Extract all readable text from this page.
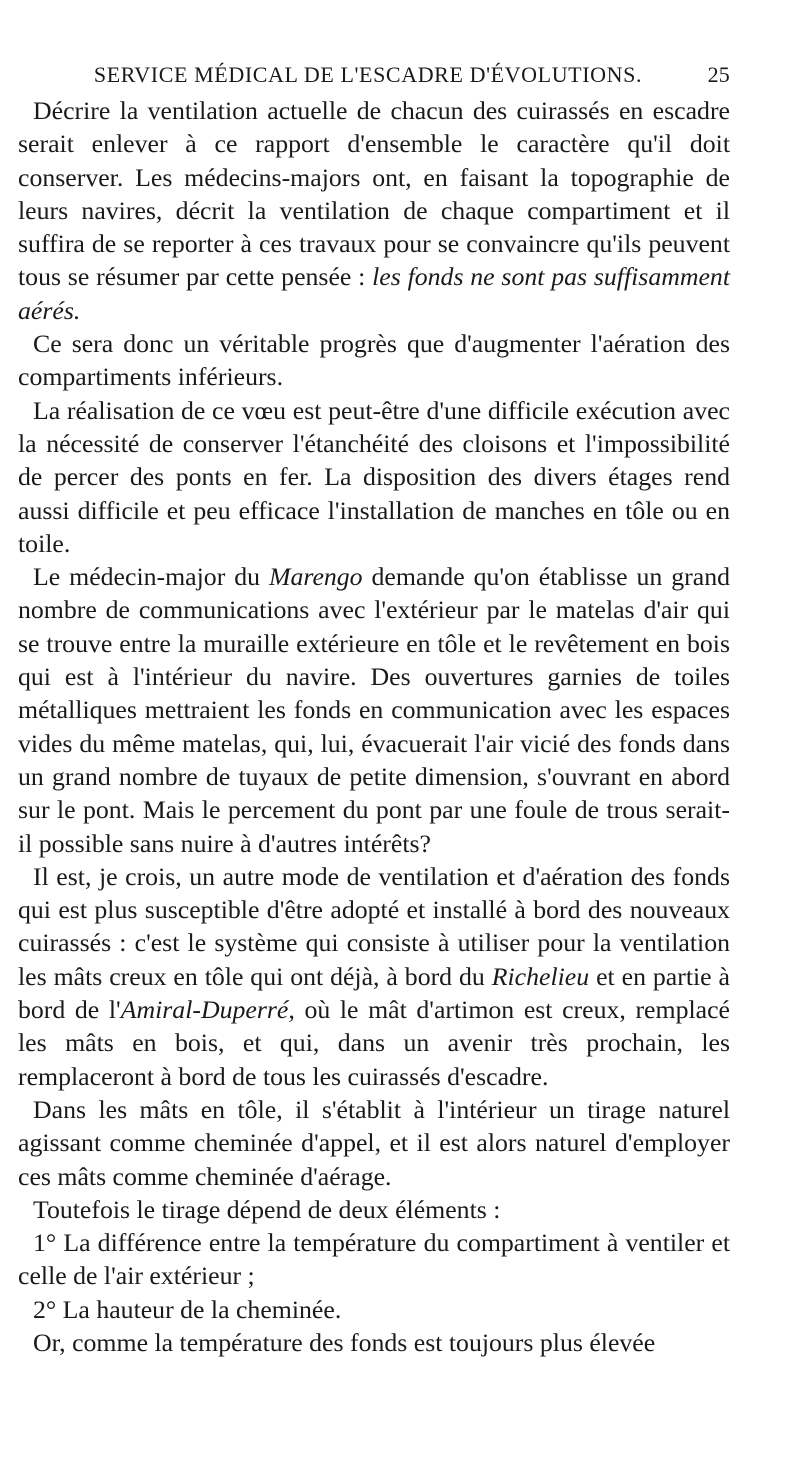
SERVICE MÉDICAL DE L'ESCADRE D'ÉVOLUTIONS.	25

Décrire la ventilation actuelle de chacun des cuirassés en escadre serait enlever à ce rapport d'ensemble le caractère qu'il doit conserver. Les médecins-majors ont, en faisant la topographie de leurs navires, décrit la ventilation de chaque compartiment et il suffira de se reporter à ces travaux pour se convaincre qu'ils peuvent tous se résumer par cette pensée : les fonds ne sont pas suffisamment aérés.

Ce sera donc un véritable progrès que d'augmenter l'aération des compartiments inférieurs.

La réalisation de ce vœu est peut-être d'une difficile exécution avec la nécessité de conserver l'étanchéité des cloisons et l'impossibilité de percer des ponts en fer. La disposition des divers étages rend aussi difficile et peu efficace l'installation de manches en tôle ou en toile.

Le médecin-major du Marengo demande qu'on établisse un grand nombre de communications avec l'extérieur par le matelas d'air qui se trouve entre la muraille extérieure en tôle et le revêtement en bois qui est à l'intérieur du navire. Des ouvertures garnies de toiles métalliques mettraient les fonds en communication avec les espaces vides du même matelas, qui, lui, évacuerait l'air vicié des fonds dans un grand nombre de tuyaux de petite dimension, s'ouvrant en abord sur le pont. Mais le percement du pont par une foule de trous serait-il possible sans nuire à d'autres intérêts?

Il est, je crois, un autre mode de ventilation et d'aération des fonds qui est plus susceptible d'être adopté et installé à bord des nouveaux cuirassés : c'est le système qui consiste à utiliser pour la ventilation les mâts creux en tôle qui ont déjà, à bord du Richelieu et en partie à bord de l'Amiral-Duperré, où le mât d'artimon est creux, remplacé les mâts en bois, et qui, dans un avenir très prochain, les remplaceront à bord de tous les cuirassés d'escadre.

Dans les mâts en tôle, il s'établit à l'intérieur un tirage naturel agissant comme cheminée d'appel, et il est alors naturel d'employer ces mâts comme cheminée d'aérage.

Toutefois le tirage dépend de deux éléments :

1° La différence entre la température du compartiment à ventiler et celle de l'air extérieur ;

2° La hauteur de la cheminée.

Or, comme la température des fonds est toujours plus élevée
